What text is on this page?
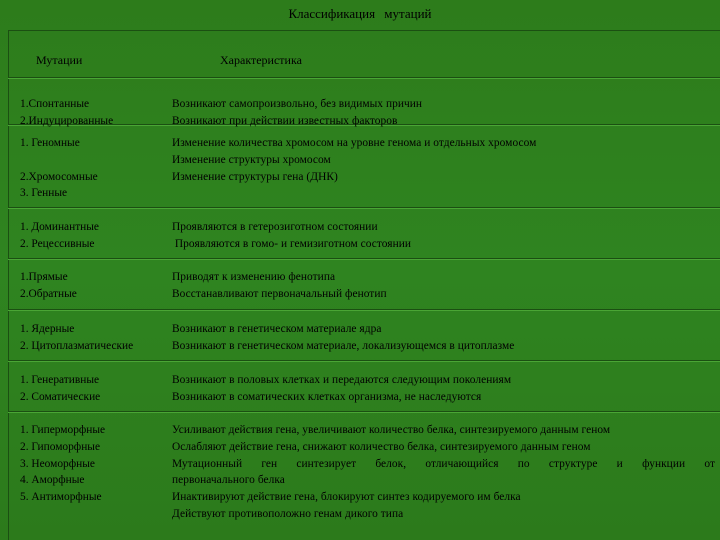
Классификация мутаций
Мутации	Характеристика
1.Спонтанные
2.Индуцированные
Возникают самопроизвольно, без видимых причин
Возникают при действии известных факторов
1. Геномные
2.Хромосомные
3. Генные
Изменение количества хромосом на уровне генома и отдельных хромосом
Изменение структуры хромосом
Изменение структуры гена (ДНК)
1. Доминантные
2. Рецессивные
Проявляются в гетерозиготном состоянии
Проявляются в гомо- и гемизиготном состоянии
1.Прямые
2.Обратные
Приводят к изменению фенотипа
Восстанавливают первоначальный фенотип
1. Ядерные
2. Цитоплазматические
Возникают в генетическом материале ядра
Возникают в генетическом материале, локализующемся в цитоплазме
1. Генеративные
2. Соматические
Возникают в половых клетках и передаются следующим поколениям
Возникают в соматических клетках организма, не наследуются
1. Гиперморфные
2. Гипоморфные
3. Неоморфные
4. Аморфные
5. Антиморфные
Усиливают действия гена, увеличивают количество белка, синтезируемого данным геном
Ослабляют действие гена, снижают количество белка, синтезируемого данным геном
Мутационный ген синтезирует белок, отличающийся по структуре и функции от
первоначального белка
Инактивируют действие гена, блокируют синтез кодируемого им белка
Действуют противоположно генам дикого типа
